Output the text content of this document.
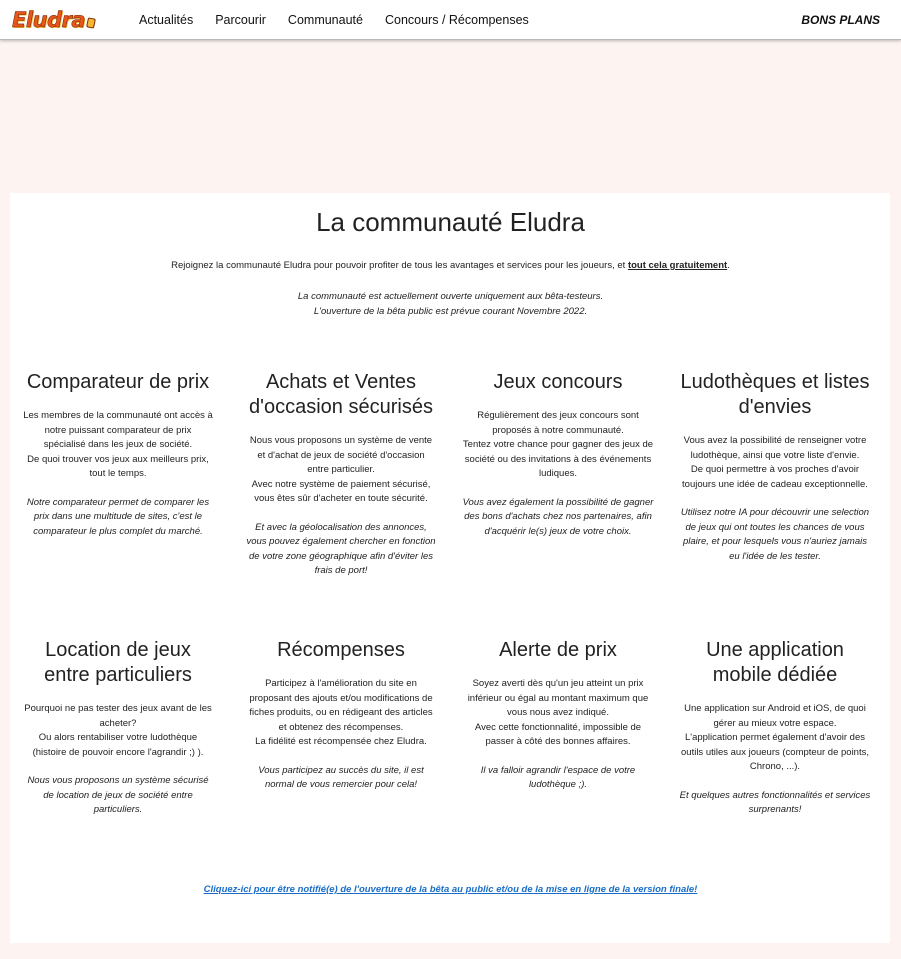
Eludra	Actualités Parcourir Communauté Concours / Récompenses	BONS PLANS
La communauté Eludra
Rejoignez la communauté Eludra pour pouvoir profiter de tous les avantages et services pour les joueurs, et tout cela gratuitement.
La communauté est actuellement ouverte uniquement aux bêta-testeurs.
L'ouverture de la bêta public est prévue courant Novembre 2022.
Comparateur de prix

Les membres de la communauté ont accès à
notre puissant comparateur de prix
spécialisé dans les jeux de société.
De quoi trouver vos jeux aux meilleurs prix,
tout le temps.

Notre comparateur permet de comparer les
prix dans une multitude de sites, c'est le
comparateur le plus complet du marché.

Achats et Ventes
d'occasion sécurisés

Nous vous proposons un système de vente
et d'achat de jeux de société d'occasion
entre particulier.
Avec notre système de paiement sécurisé,
vous êtes sûr d'acheter en toute sécurité.

Et avec la géolocalisation des annonces,
vous pouvez également chercher en fonction
de votre zone géographique afin d'éviter les
frais de port!

Jeux concours

Régulièrement des jeux concours sont
proposés à notre communauté.
Tentez votre chance pour gagner des jeux de
société ou des invitations à des événements
ludiques.

Vous avez également la possibilité de gagner
des bons d'achats chez nos partenaires, afin
d'acquérir le(s) jeux de votre choix.

Ludothèques et listes
d'envies

Vous avez la possibilité de renseigner votre
ludothèque, ainsi que votre liste d'envie.
De quoi permettre à vos proches d'avoir
toujours une idée de cadeau exceptionnelle.

Utilisez notre IA pour découvrir une selection
de jeux qui ont toutes les chances de vous
plaire, et pour lesquels vous n'auriez jamais
eu l'idée de les tester.

Location de jeux
entre particuliers

Pourquoi ne pas tester des jeux avant de les
acheter?
Ou alors rentabiliser votre ludothèque
(histoire de pouvoir encore l'agrandir ;) ).

Nous vous proposons un système sécurisé
de location de jeux de société entre
particuliers.

Récompenses

Participez à l'amélioration du site en
proposant des ajouts et/ou modifications de
fiches produits, ou en rédigeant des articles
et obtenez des récompenses.
La fidélité est récompensée chez Eludra.

Vous participez au succès du site, il est
normal de vous remercier pour cela!

Alerte de prix

Soyez averti dès qu'un jeu atteint un prix
inférieur ou égal au montant maximum que
vous nous avez indiqué.
Avec cette fonctionnalité, impossible de
passer à côté des bonnes affaires.

Il va falloir agrandir l'espace de votre
ludothèque ;).

Une application
mobile dédiée

Une application sur Android et iOS, de quoi
gérer au mieux votre espace.
L'application permet également d'avoir des
outils utiles aux joueurs (compteur de points,
Chrono, ...).

Et quelques autres fonctionnalités et services
surprenants!

Cliquez-ici pour être notifié(e) de l'ouverture de la bêta au public et/ou de la mise en ligne de la version finale!
